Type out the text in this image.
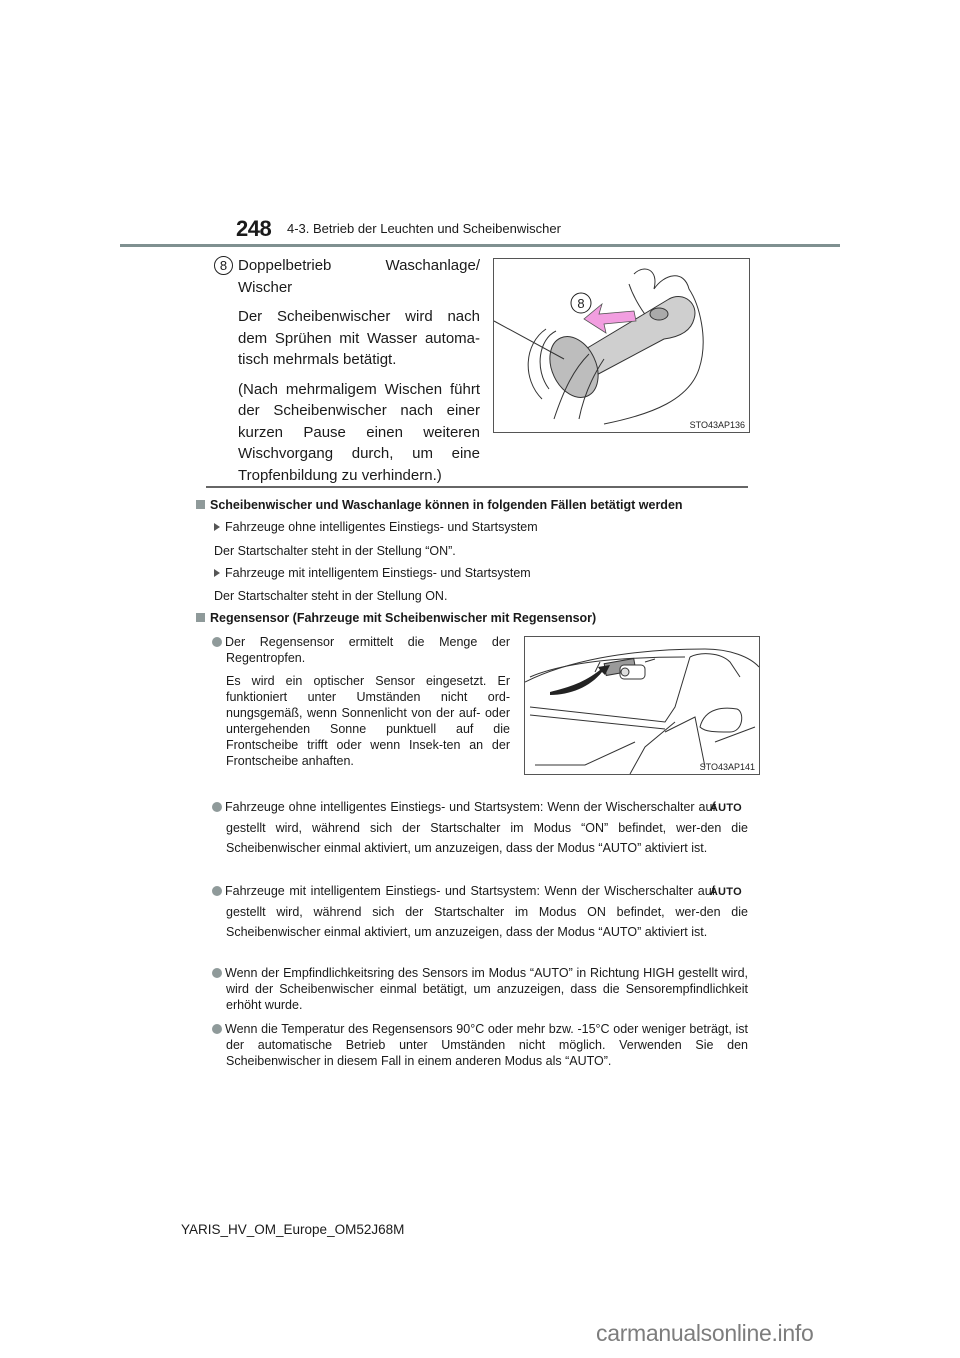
248 4-3. Betrieb der Leuchten und Scheibenwischer

8 Doppelbetrieb Waschanlage/ Wischer

Der Scheibenwischer wird nach dem Sprühen mit Wasser automa-tisch mehrmals betätigt.

(Nach mehrmaligem Wischen führt der Scheibenwischer nach einer kurzen Pause einen weiteren Wischvorgang durch, um eine Tropfenbildung zu verhindern.)

8
STO43AP136
Scheibenwischer und Waschanlage können in folgenden Fällen betätigt werden
Fahrzeuge ohne intelligentes Einstiegs- und Startsystem
Der Startschalter steht in der Stellung “ON”.
Fahrzeuge mit intelligentem Einstiegs- und Startsystem
Der Startschalter steht in der Stellung ON.
Regensensor (Fahrzeuge mit Scheibenwischer mit Regensensor)
Der Regensensor ermittelt die Menge der Regentropfen.
Es wird ein optischer Sensor eingesetzt. Er funktioniert unter Umständen nicht ord-nungsgemäß, wenn Sonnenlicht von der auf- oder untergehenden Sonne punktuell auf die Frontscheibe trifft oder wenn Insek-ten an der Frontscheibe anhaften.	STO43AP141
Fahrzeuge ohne intelligentes Einstiegs- und Startsystem: Wenn der Wischerschalter auf AUTOgestellt wird, während sich der Startschalter im Modus “ON” befindet, wer-den die Scheibenwischer einmal aktiviert, um anzuzeigen, dass der Modus “AUTO” aktiviert ist.
Fahrzeuge mit intelligentem Einstiegs- und Startsystem: Wenn der Wischerschalter auf AUTOgestellt wird, während sich der Startschalter im Modus ON befindet, wer-den die Scheibenwischer einmal aktiviert, um anzuzeigen, dass der Modus “AUTO” aktiviert ist.
Wenn der Empfindlichkeitsring des Sensors im Modus “AUTO” in Richtung HIGH gestellt wird, wird der Scheibenwischer einmal betätigt, um anzuzeigen, dass die Sensorempfindlichkeit erhöht wurde.
Wenn die Temperatur des Regensensors 90°C oder mehr bzw. -15°C oder weniger beträgt, ist der automatische Betrieb unter Umständen nicht möglich. Verwenden Sie den Scheibenwischer in diesem Fall in einem anderen Modus als “AUTO”.
YARIS_HV_OM_Europe_OM52J68M
carmanualsonline.info
